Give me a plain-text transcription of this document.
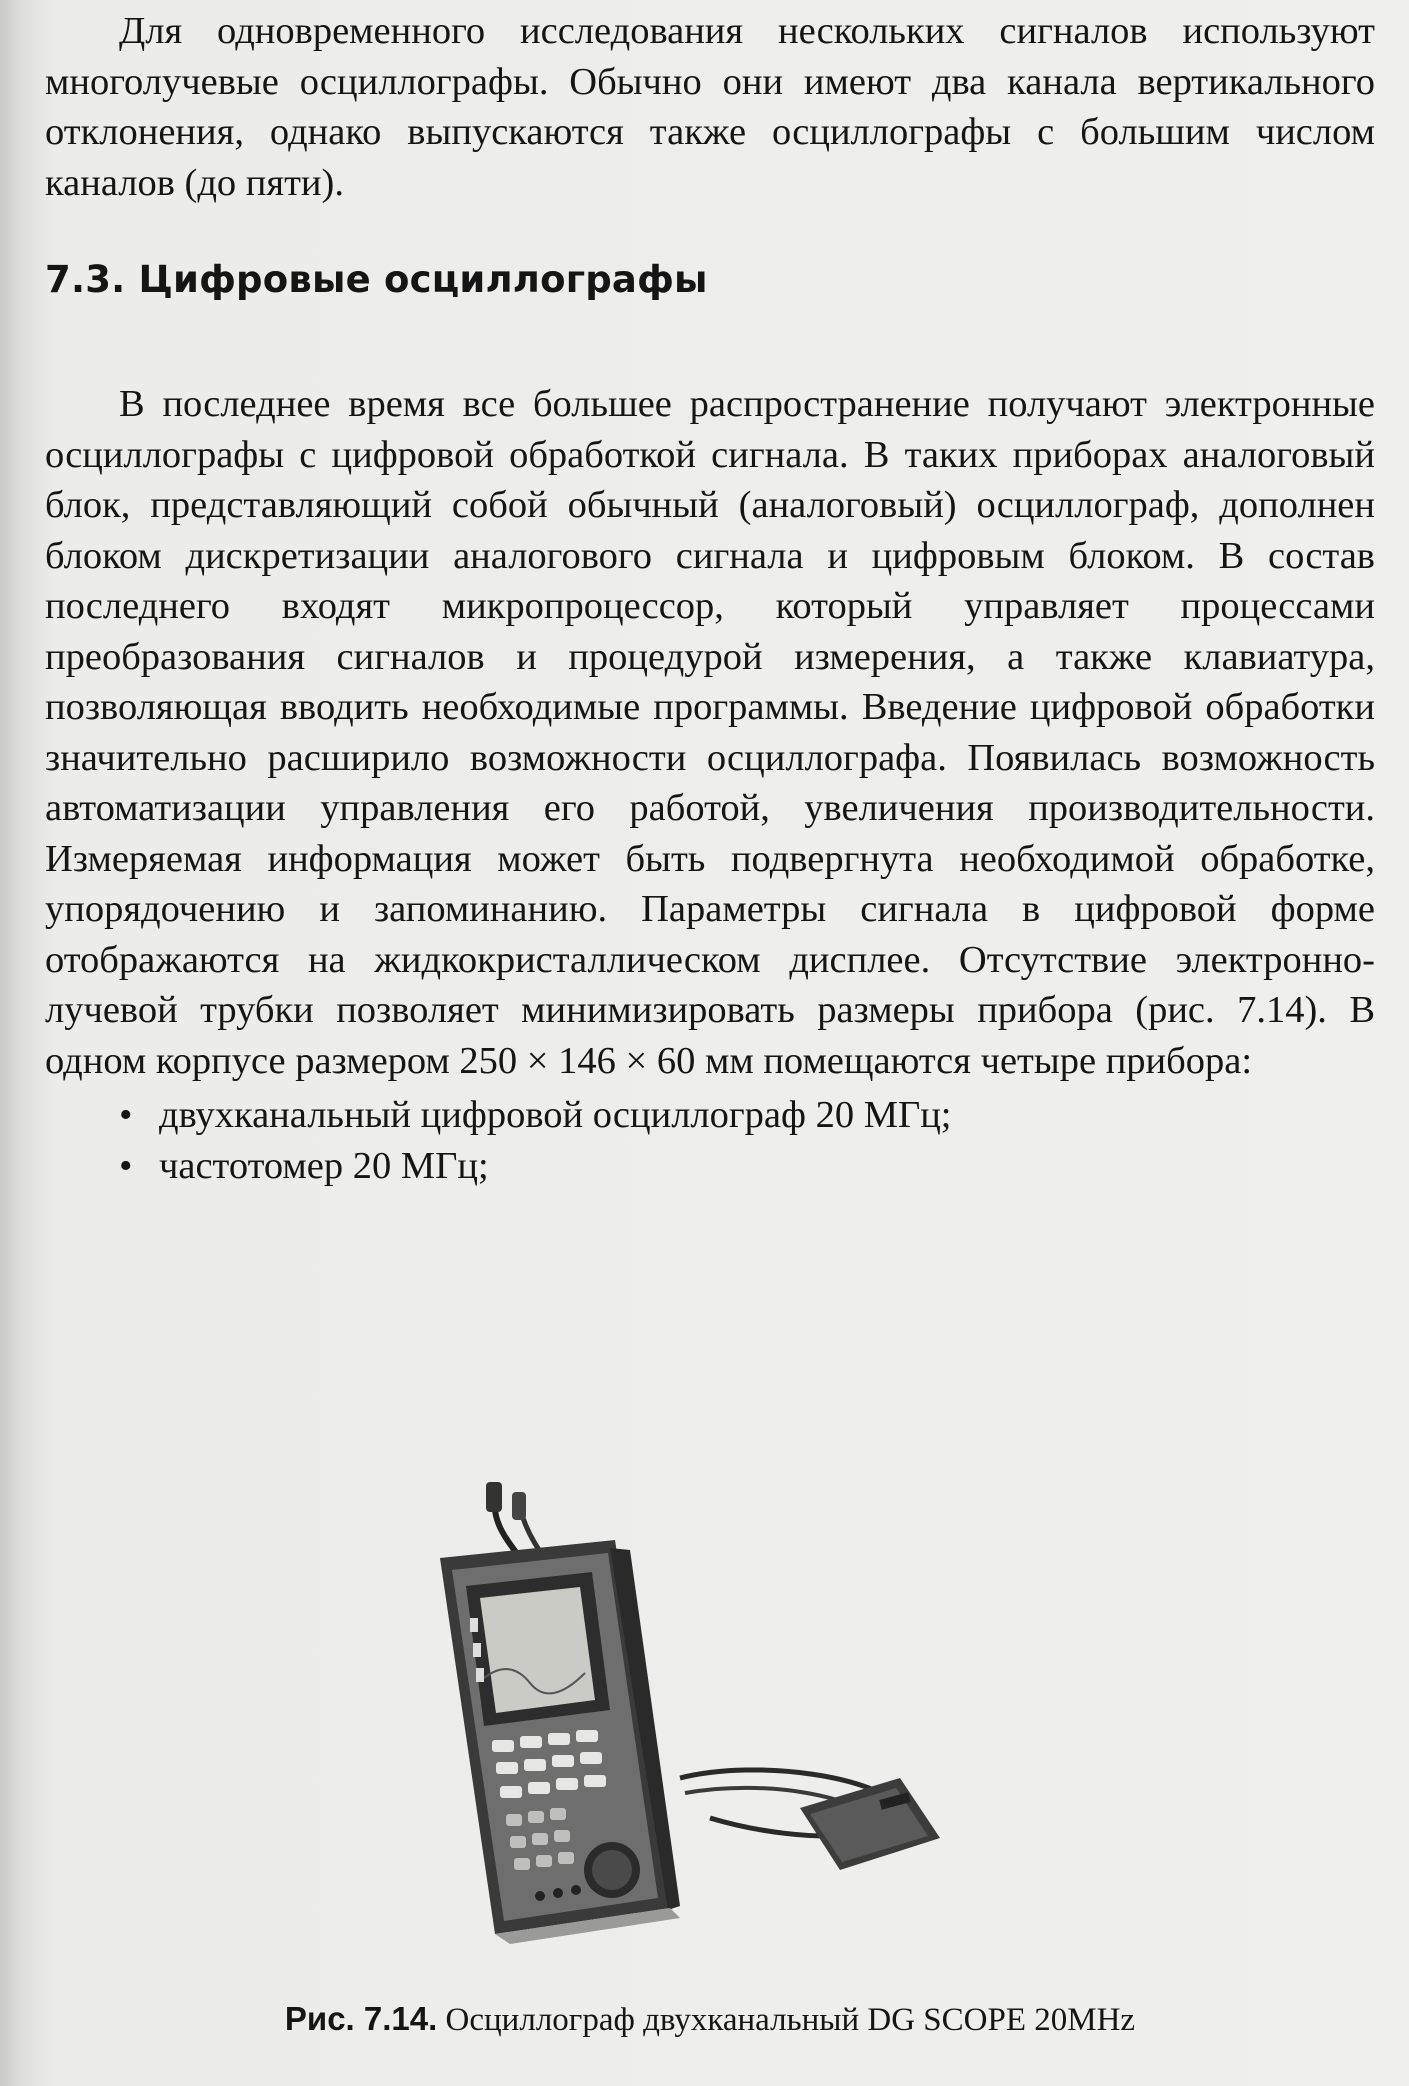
Для одновременного исследования нескольких сигналов используют многолучевые осциллографы. Обычно они имеют два канала вертикального отклонения, однако выпускаются также осциллографы с большим числом каналов (до пяти).

7.3. Цифровые осциллографы

В последнее время все большее распространение получают электронные осциллографы с цифровой обработкой сигнала. В таких приборах аналоговый блок, представляющий собой обычный (аналоговый) осциллограф, дополнен блоком дискретизации аналогового сигнала и цифровым блоком. В состав последнего входят микропроцессор, который управляет процессами преобразования сигналов и процедурой измерения, а также клавиатура, позволяющая вводить необходимые программы. Введение цифровой обработки значительно расширило возможности осциллографа. Появилась возможность автоматизации управления его работой, увеличения производительности. Измеряемая информация может быть подвергнута необходимой обработке, упорядочению и запоминанию. Параметры сигнала в цифровой форме отображаются на жидкокристаллическом дисплее. Отсутствие электронно-лучевой трубки позволяет минимизировать размеры прибора (рис. 7.14). В одном корпусе размером 250 × 146 × 60 мм помещаются четыре прибора:

• двухканальный цифровой осциллограф 20 МГц;
• частотомер 20 МГц;
Рис. 7.14. Осциллограф двухканальный DG SCOPE 20MHz
